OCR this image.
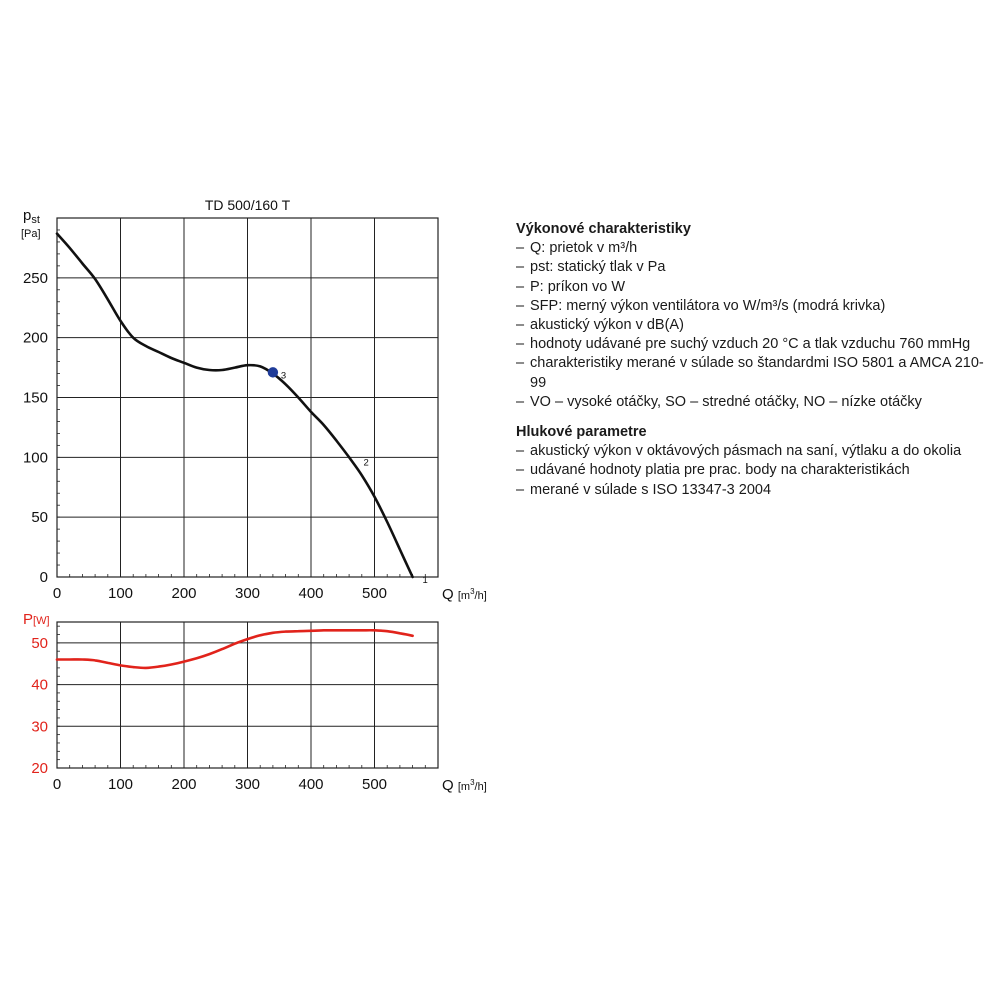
TD 500/160 T
0	100	200	300	400	500
0
50
100
150
200
250
Q [$m^3_{/h]}$
$p_{st}$
[Pa]
1
2
3
0	100	200	300	400	500
20
30
40
50
Q [$m^3_{/h]}$
P[W]
Výkonové charakteristiky
– Q: prietok v m³/h
– pst: statický tlak v Pa
– P: príkon vo W
– SFP: merný výkon ventilátora vo W/m³/s (modrá krivka)
– akustický výkon v dB(A)
– hodnoty udávané pre suchý vzduch 20 °C a tlak vzduchu 760 mmHg
– charakteristiky merané v súlade so štandardmi ISO 5801 a AMCA 210-99
– VO – vysoké otáčky, SO – stredné otáčky, NO – nízke otáčky
Hlukové parametre
– akustický výkon v oktávových pásmach na saní, výtlaku a do okolia
– udávané hodnoty platia pre prac. body na charakteristikách
– merané v súlade s ISO 13347-3 2004
